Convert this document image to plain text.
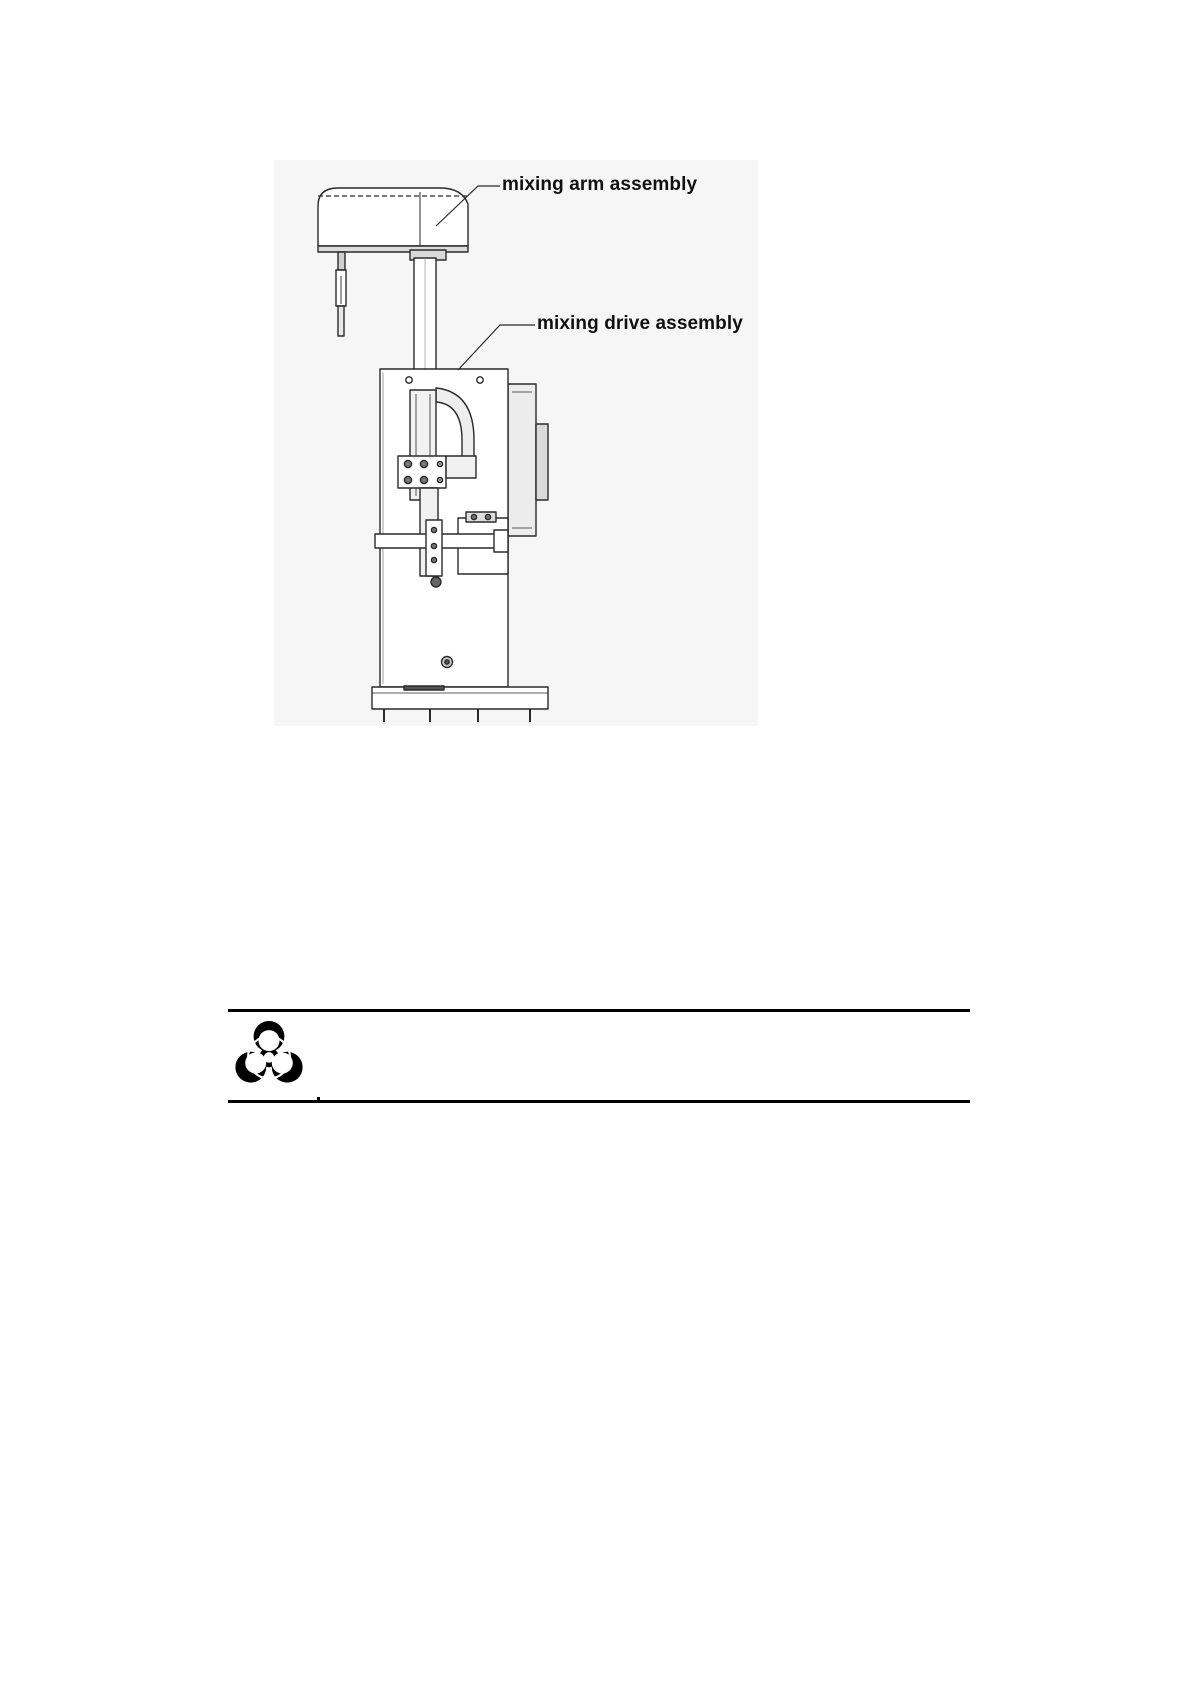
mixing arm assembly
mixing drive assembly
